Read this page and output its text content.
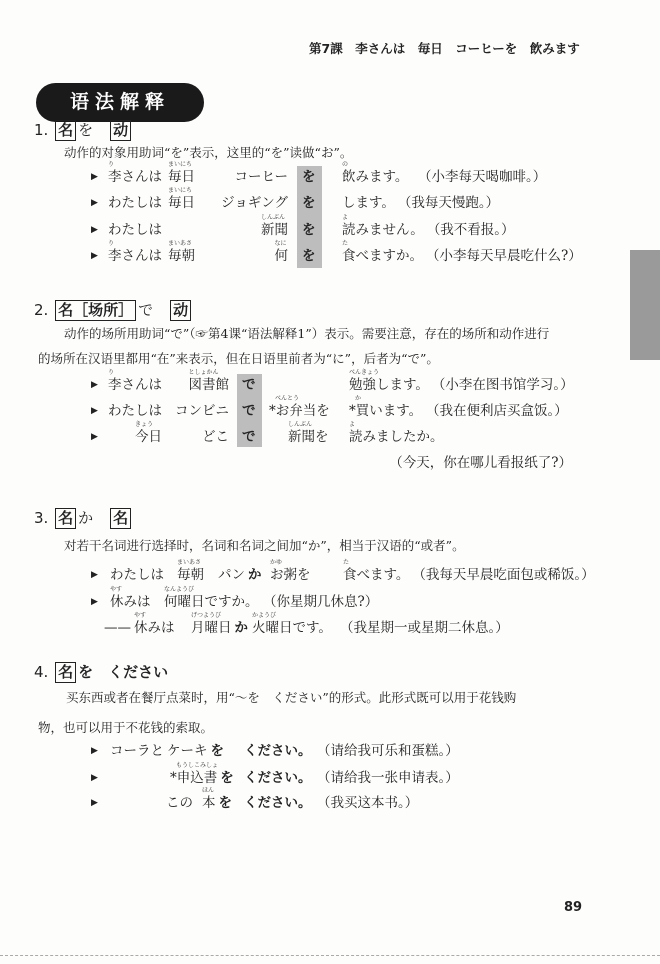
第7課　李さんは　毎日　コーヒーを　飲みます
语法解释
1. 名 を　 动
2. 名［场所］ で　 动
3. 名 か　 名
4. 名 を　ください
动作的对象用助词“を”表示，这里的“を”读做“お”。
动作的场所用助词“で”（☞第4课“语法解释1”）表示。需要注意，存在的场所和动作进行
的场所在汉语里都用“在”来表示，但在日语里前者为“に”，后者为“で”。
对若干名词进行选择时，名词和名词之间加“か”，相当于汉语的“或者”。
买东西或者在餐厅点菜时，用“～を　ください”的形式。此形式既可以用于花钱购
物，也可以用于不花钱的索取。
▶ 李さんは
り
毎日
まいにち
コーヒー を 飲みます。
の
（小李每天喝咖啡。）
▶ わたしは 毎日
まいにち
ジョギング を します。 （我每天慢跑。）
▶ わたしは	新聞
しんぶん
を 読みません。
よ
（我不看报。）
▶ 李さんは
り
毎朝
まいあさ
何
なに
を 食べますか。
た
（小李每天早晨吃什么?）
▶ 李さんは
り
図書館
としょかん
で	勉強します。
べんきょう
（小李在图书馆学习。）
▶ わたしは コンビニ で *お弁当を
べんとう
*買います。
か
（我在便利店买盒饭。）
▶	今日
きょう
どこ で 新聞を
しんぶん
読みましたか。
よ
▶ わたしは 毎朝
まいあさ
パン か お粥を
かゆ
食べます。
た
（我每天早晨吃面包或稀饭。）
▶ 休みは
やす
何曜日ですか。
なんようび
（你星期几休息?）
—— 休みは
やす
月曜日
げつようび
か 火曜日です。
かようび
（我星期一或星期二休息。）
▶ コーラと ケーキ を ください。 （请给我可乐和蛋糕。）
▶	*申込書
もうしこみしょ
を ください。 （请给我一张申请表。）
▶	この 本
ほん
を ください。 （我买这本书。）
（今天，你在哪儿看报纸了?）
89
